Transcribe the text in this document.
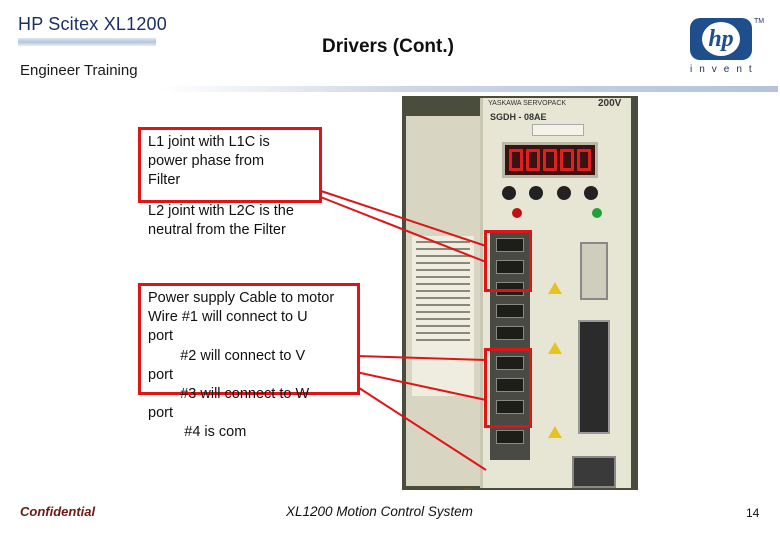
HP Scitex XL1200
Engineer Training
Drivers (Cont.)	hp
TM
invent
YASKAWA SERVOPACK	200V
SGDH - 08AE
L1 joint with L1C is
power phase from
Filter
L2 joint with L2C is the
neutral from the Filter
Power supply Cable to motor
Wire #1 will connect to U
port
#2 will connect to V
port
#3 will connect to W
port
#4 is com
Confidential	XL1200 Motion Control System	14
